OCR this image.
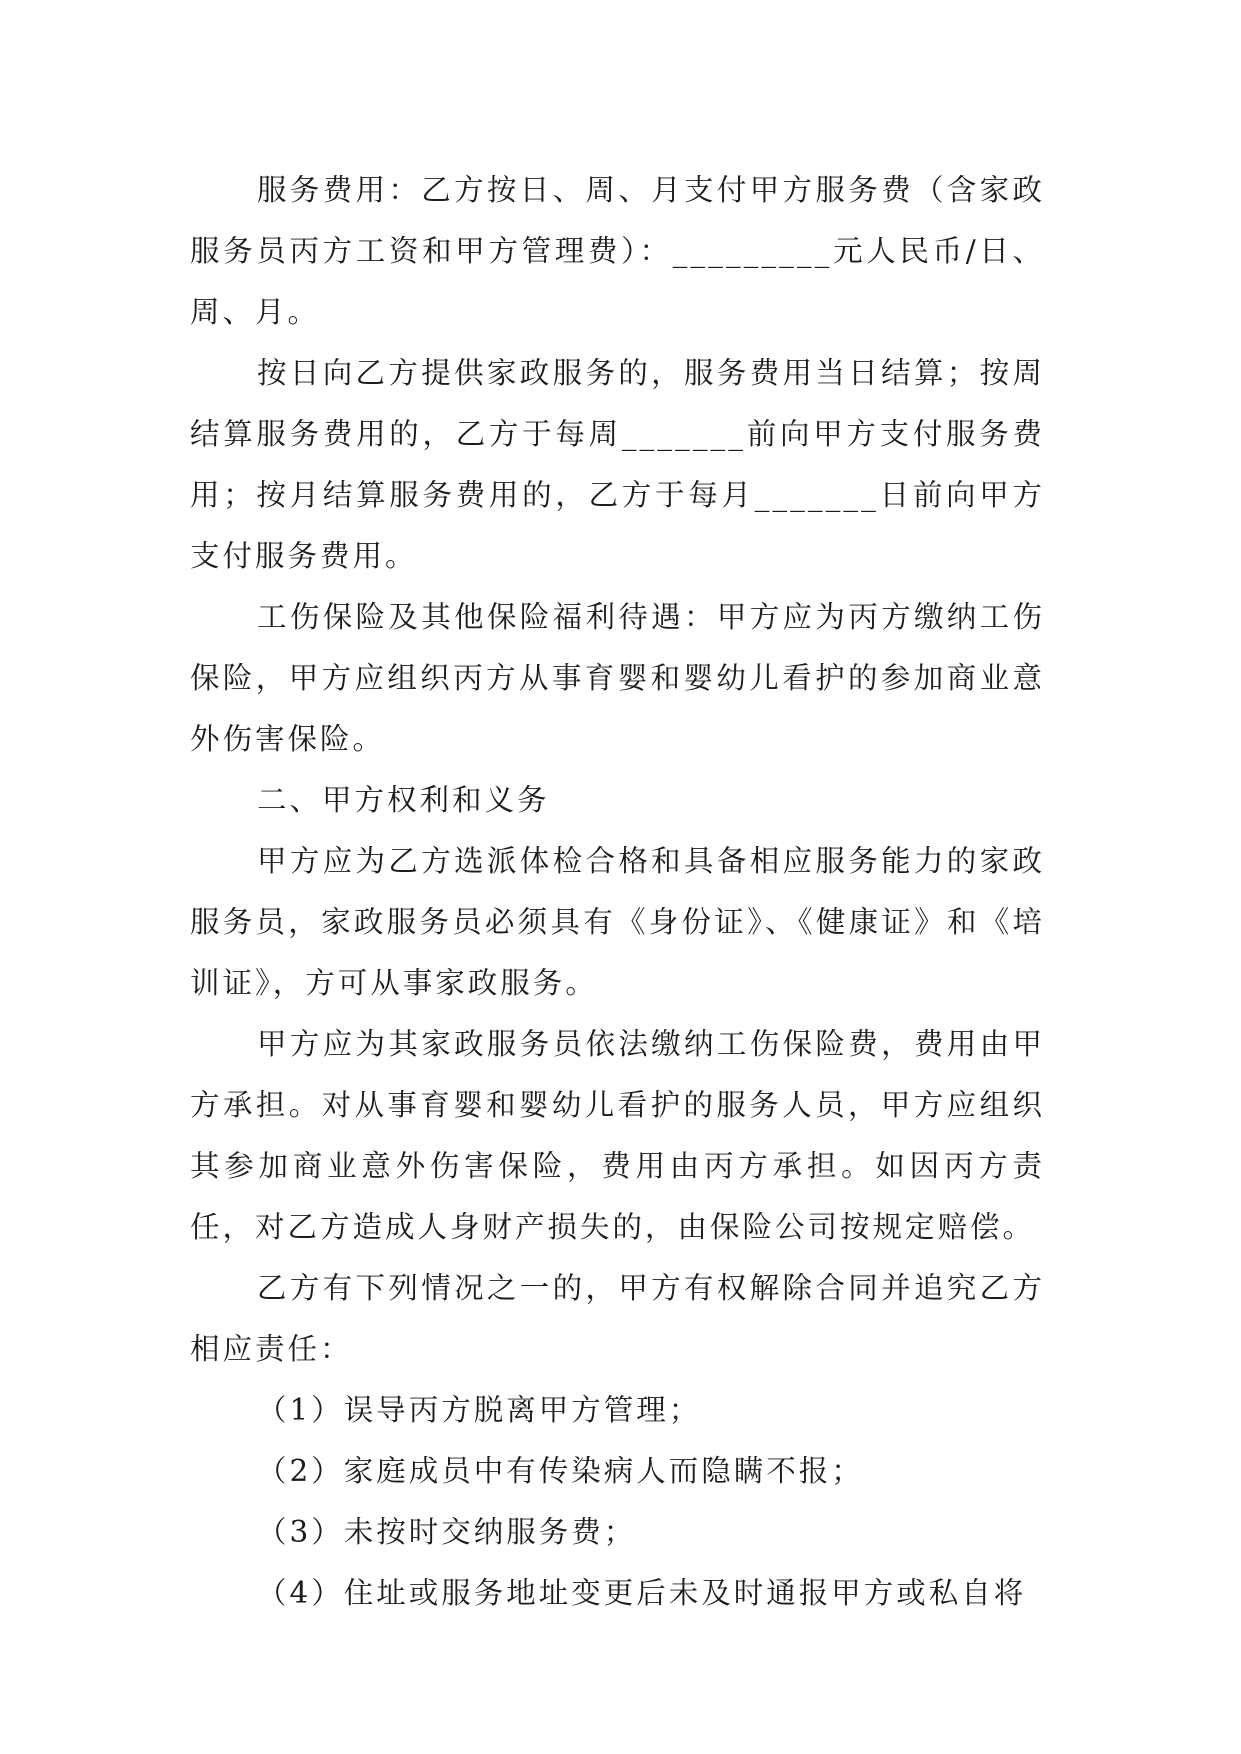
服务费用：乙方按日、周、月支付甲方服务费（含家政服务员丙方工资和甲方管理费）：_________元人民币/日、周、月。

按日向乙方提供家政服务的，服务费用当日结算；按周结算服务费用的，乙方于每周_______前向甲方支付服务费用；按月结算服务费用的，乙方于每月_______日前向甲方支付服务费用。

工伤保险及其他保险福利待遇：甲方应为丙方缴纳工伤保险，甲方应组织丙方从事育婴和婴幼儿看护的参加商业意外伤害保险。

二、甲方权利和义务

甲方应为乙方选派体检合格和具备相应服务能力的家政服务员，家政服务员必须具有《身份证》、《健康证》和《培训证》，方可从事家政服务。

甲方应为其家政服务员依法缴纳工伤保险费，费用由甲方承担。对从事育婴和婴幼儿看护的服务人员，甲方应组织其参加商业意外伤害保险，费用由丙方承担。如因丙方责任，对乙方造成人身财产损失的，由保险公司按规定赔偿。

乙方有下列情况之一的，甲方有权解除合同并追究乙方相应责任：

（1）误导丙方脱离甲方管理；

（2）家庭成员中有传染病人而隐瞒不报；

（3）未按时交纳服务费；

（4）住址或服务地址变更后未及时通报甲方或私自将
